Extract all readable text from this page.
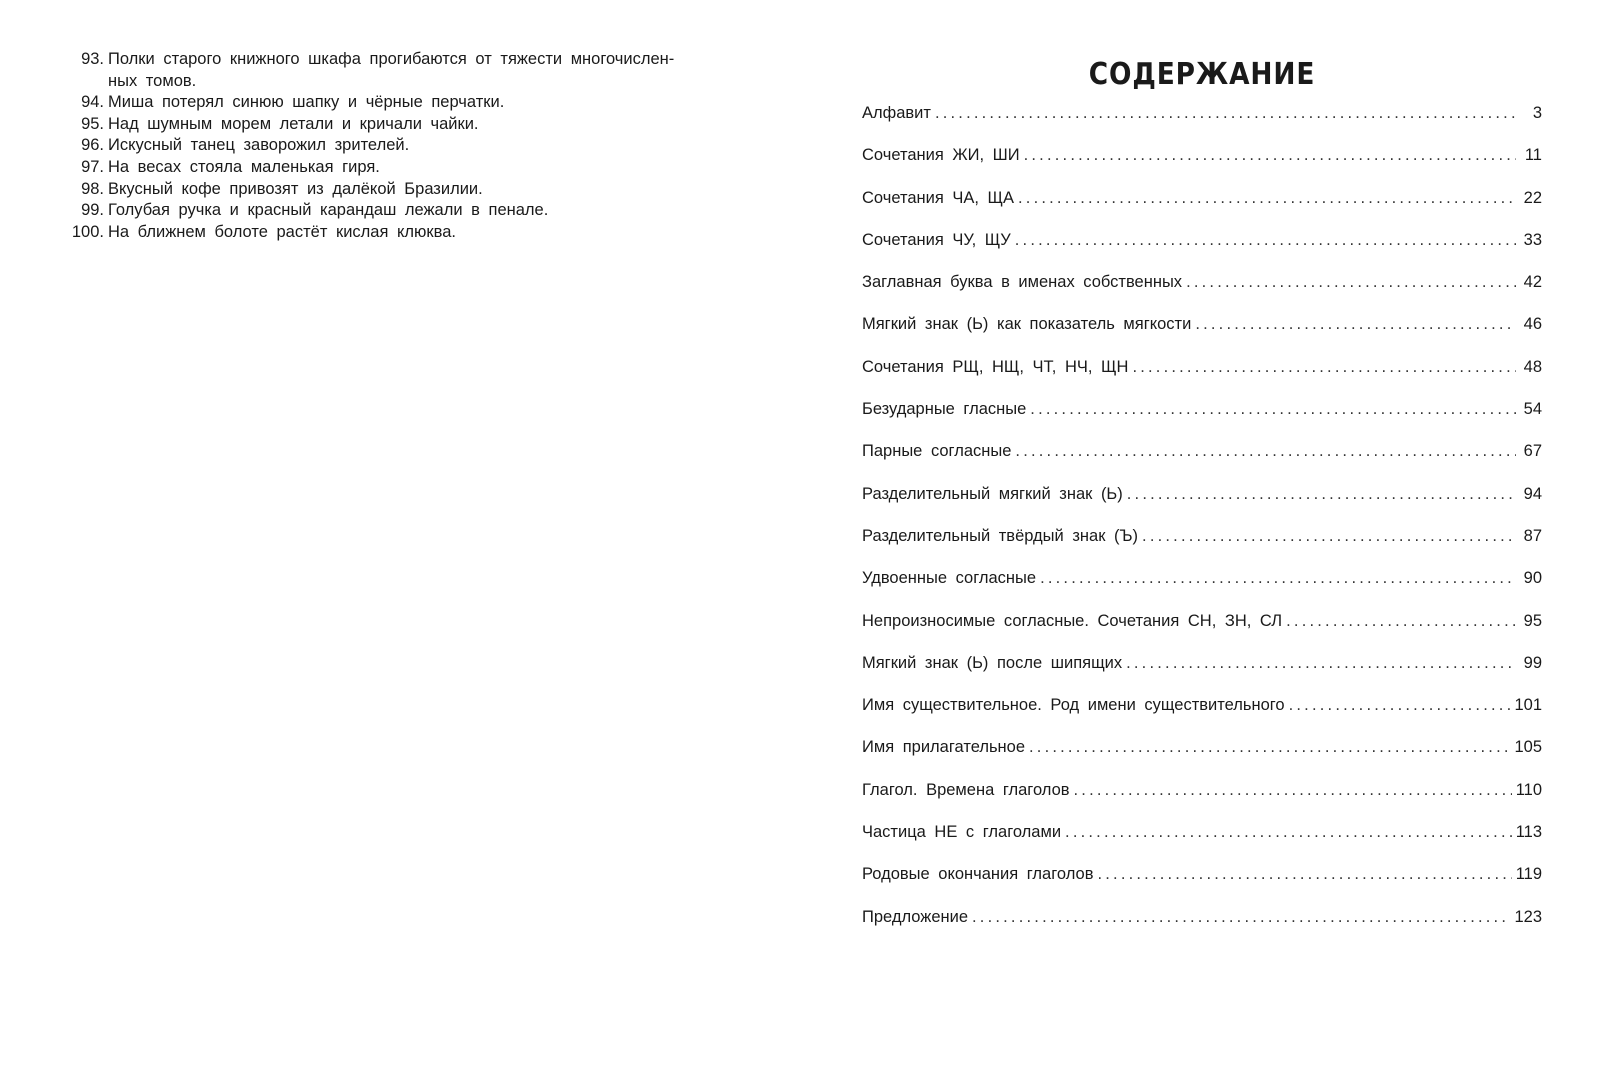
93. Полки старого книжного шкафа прогибаются от тяжести многочислен-
ных томов.
94. Миша потерял синюю шапку и чёрные перчатки.
95. Над шумным морем летали и кричали чайки.
96. Искусный танец заворожил зрителей.
97. На весах стояла маленькая гиря.
98. Вкусный кофе привозят из далёкой Бразилии.
99. Голубая ручка и красный карандаш лежали в пенале.
100. На ближнем болоте растёт кислая клюква.
СОДЕРЖАНИЕ
Алфавит .....	3
Сочетания ЖИ, ШИ .....	11
Сочетания ЧА, ЩА .....	22
Сочетания ЧУ, ЩУ .....	33
Заглавная буква в именах собственных .....	42
Мягкий знак (Ь) как показатель мягкости .....	46
Сочетания РЩ, НЩ, ЧТ, НЧ, ЩН .....	48
Безударные гласные .....	54
Парные согласные .....	67
Разделительный мягкий знак (Ь) .....	94
Разделительный твёрдый знак (Ъ) .....	87
Удвоенные согласные .....	90
Непроизносимые согласные. Сочетания СН, ЗН, СЛ .....	95
Мягкий знак (Ь) после шипящих .....	99
Имя существительное. Род имени существительного .....	101
Имя прилагательное .....	105
Глагол. Времена глаголов .....	110
Частица НЕ с глаголами .....	113
Родовые окончания глаголов .....	119
Предложение .....	123
